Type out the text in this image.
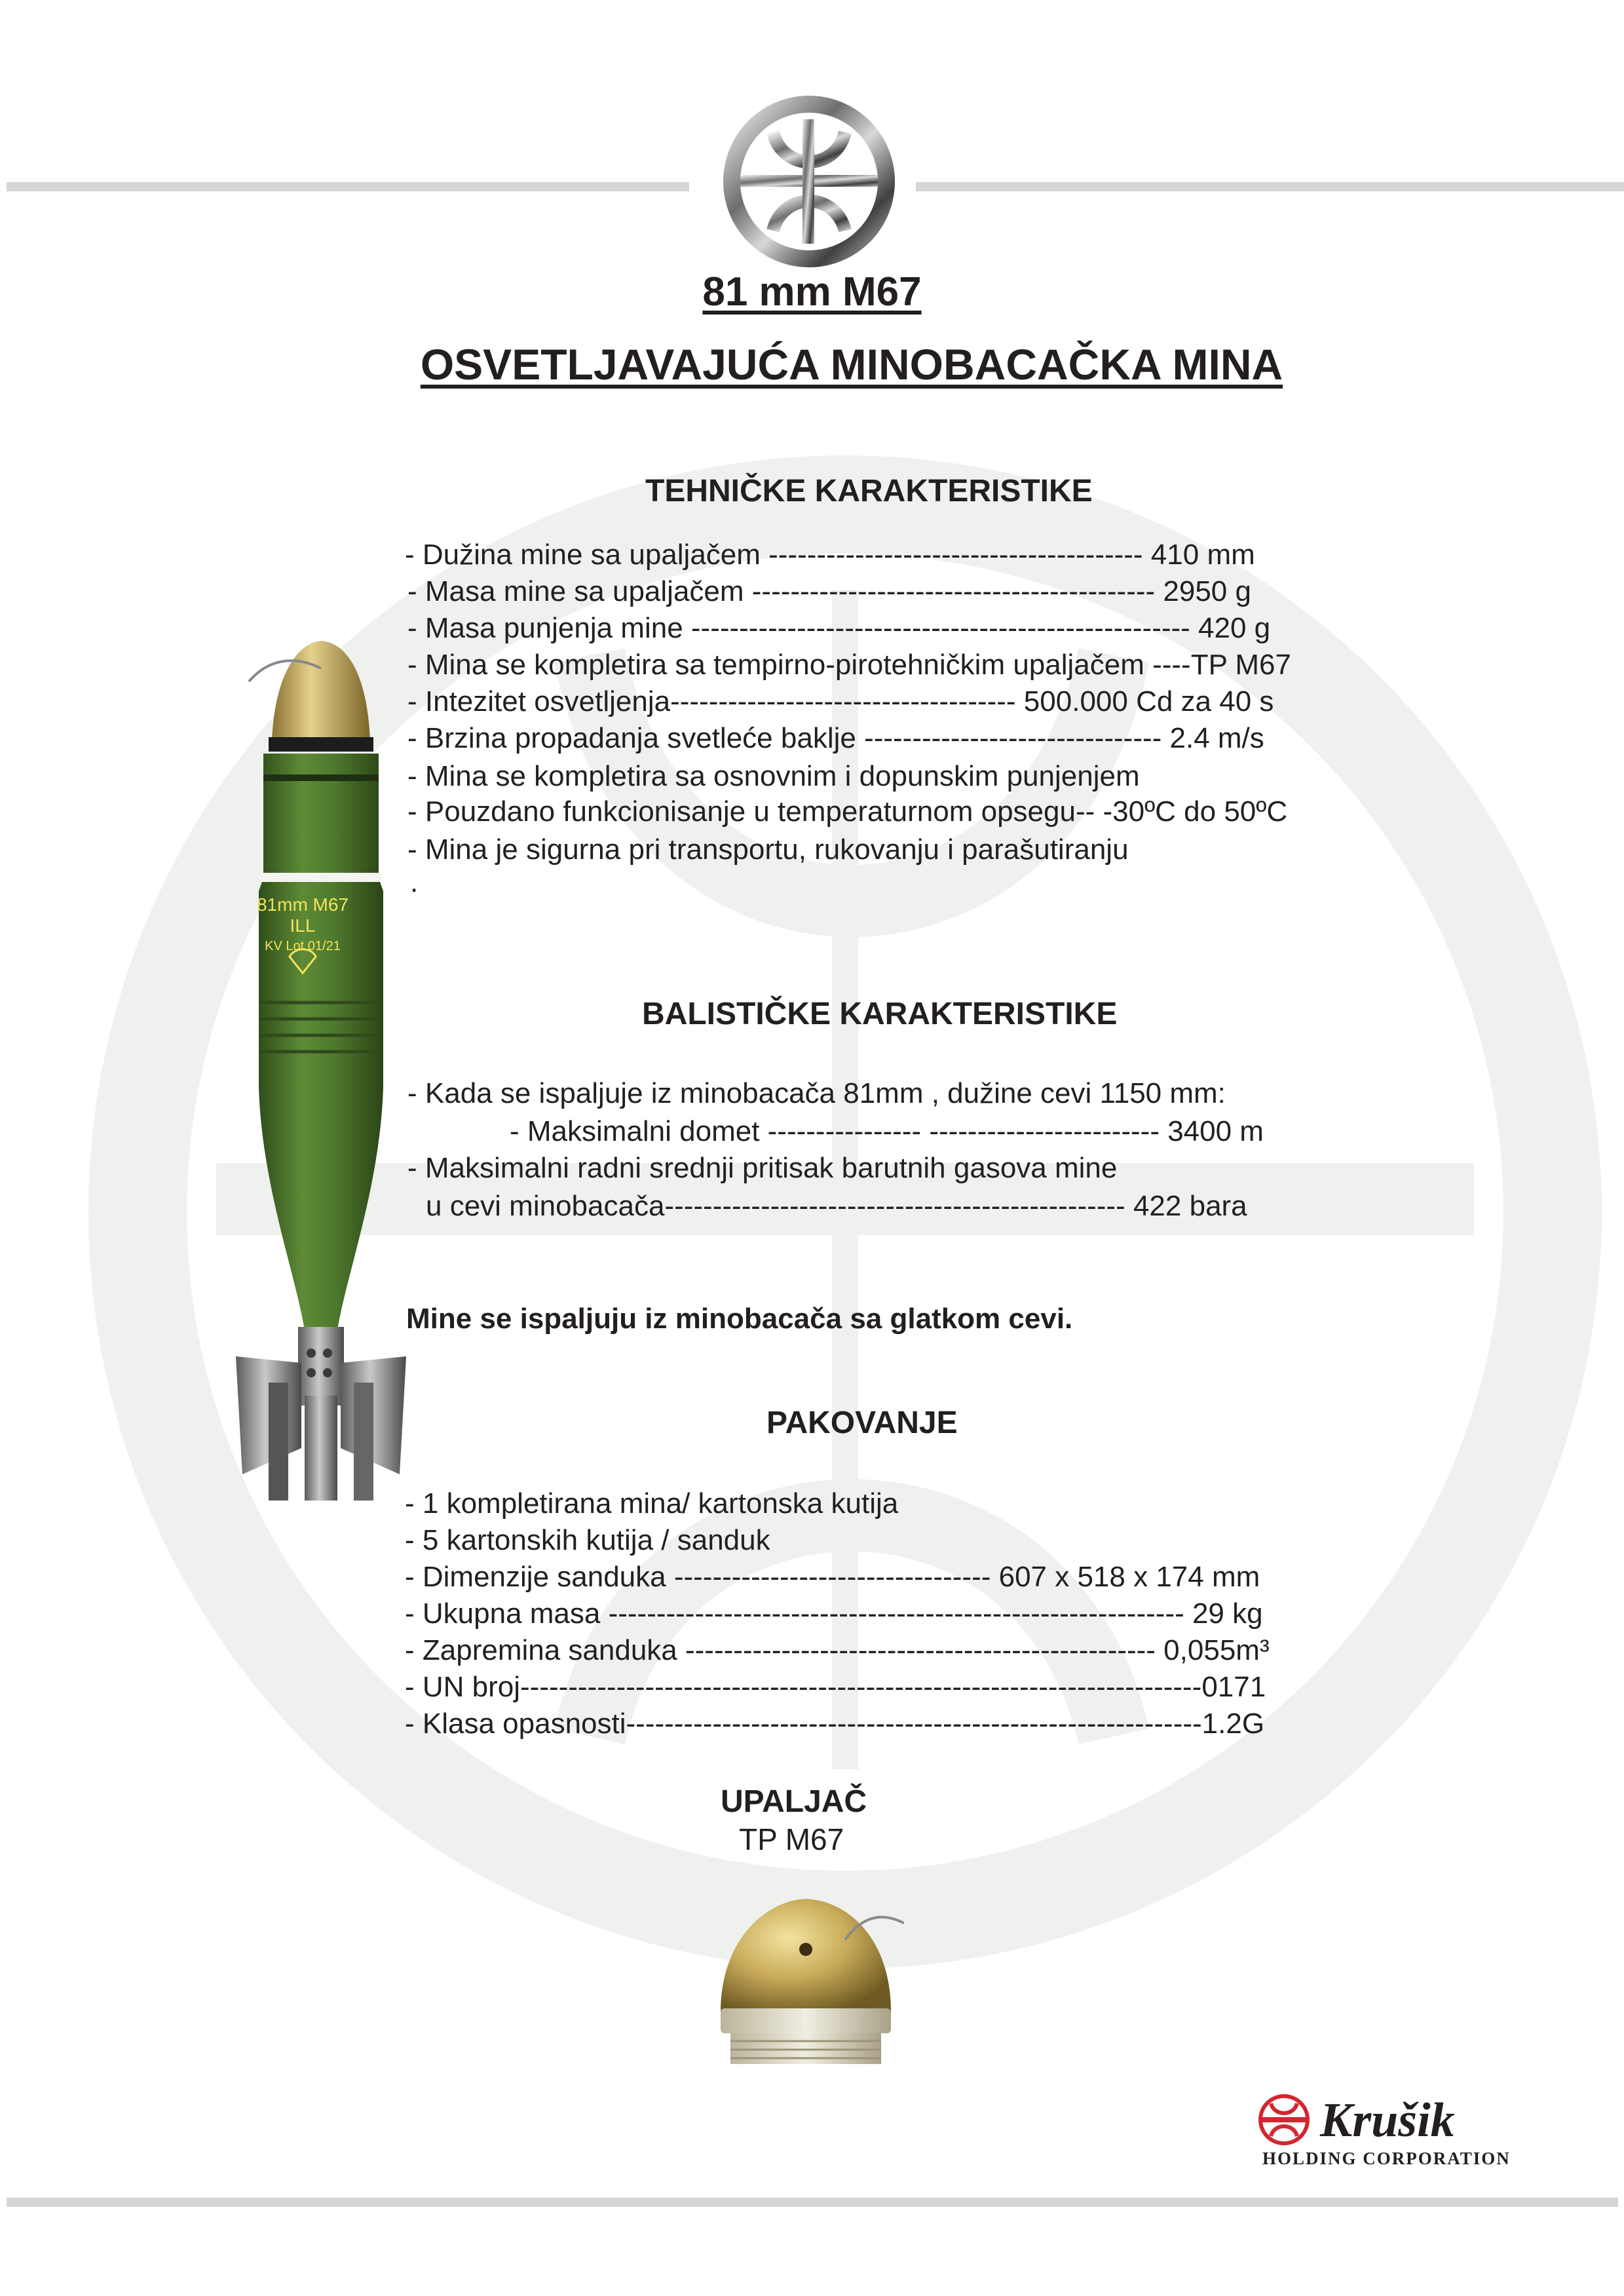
81 mm M67
OSVETLJAVAJUĆA MINOBACAČKA MINA
81mm M67
ILL
KV Lot 01/21
TEHNIČKE KARAKTERISTIKE
- Dužina mine sa upaljačem --------------------------------------- 410 mm
- Masa mine sa upaljačem ------------------------------------------ 2950 g
- Masa punjenja mine ---------------------------------------------------- 420 g
- Mina se kompletira sa tempirno-pirotehničkim upaljačem ----TP M67
- Intezitet osvetljenja------------------------------------ 500.000 Cd za 40 s
- Brzina propadanja svetleće baklje ------------------------------- 2.4 m/s
- Mina se kompletira sa osnovnim i dopunskim punjenjem
- Pouzdano funkcionisanje u temperaturnom opsegu-- -30ºC do 50ºC
- Mina je sigurna pri transportu, rukovanju i parašutiranju
.
BALISTIČKE KARAKTERISTIKE
- Kada se ispaljuje iz minobacača 81mm , dužine cevi 1150 mm:
- Maksimalni domet ---------------- ------------------------ 3400 m
- Maksimalni radni srednji pritisak barutnih gasova mine
u cevi minobacača------------------------------------------------ 422 bara
Mine se ispaljuju iz minobacača sa glatkom cevi.
PAKOVANJE
- 1 kompletirana mina/ kartonska kutija
- 5 kartonskih kutija / sanduk
- Dimenzije sanduka --------------------------------- 607 x 518 x 174 mm
- Ukupna masa ------------------------------------------------------------ 29 kg
- Zapremina sanduka ------------------------------------------------- 0,055m³
- UN broj-----------------------------------------------------------------------0171
- Klasa opasnosti------------------------------------------------------------1.2G
UPALJAČ
TP M67
Krušik
HOLDING CORPORATION
